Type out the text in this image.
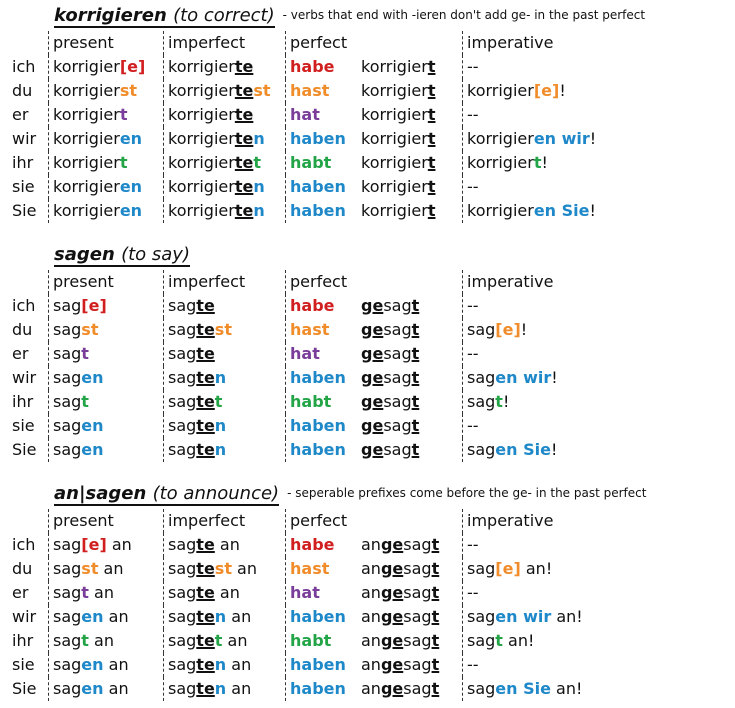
korrigieren (to correct) - verbs that end with -ieren don't add ge- in the past perfect
present	imperfect	perfect	imperative
ich	korrigier[e]	korrigierte	habe korrigiert	--
du	korrigierst	korrigiertest	hast korrigiert	korrigier[e]!
er	korrigiert	korrigierte	hat	korrigiert	--
wir	korrigieren	korrigierten	haben korrigiert	korrigieren wir!
ihr	korrigiert	korrigiertet	habt korrigiert	korrigiert!
sie	korrigieren	korrigierten	haben korrigiert	--
Sie	korrigieren	korrigierten	haben korrigiert	korrigieren Sie!
sagen (to say)
present	imperfect	perfect	imperative
ich	sag[e]	sagte	habe gesagt	--
du	sagst	sagtest	hast gesagt	sag[e]!
er	sagt	sagte	hat	gesagt	--
wir	sagen	sagten	haben gesagt	sagen wir!
ihr	sagt	sagtet	habt gesagt	sagt!
sie	sagen	sagten	haben gesagt	--
Sie	sagen	sagten	haben gesagt	sagen Sie!
an|sagen (to announce) - seperable prefixes come before the ge- in the past perfect
present	imperfect	perfect	imperative
ich	sag[e] an	sagte an	habe angesagt	--
du	sagst an	sagtest an	hast angesagt	sag[e] an!
er	sagt an	sagte an	hat	angesagt	--
wir	sagen an	sagten an	haben angesagt	sagen wir an!
ihr	sagt an	sagtet an	habt angesagt	sagt an!
sie	sagen an	sagten an	haben angesagt	--
Sie	sagen an	sagten an	haben angesagt	sagen Sie an!
